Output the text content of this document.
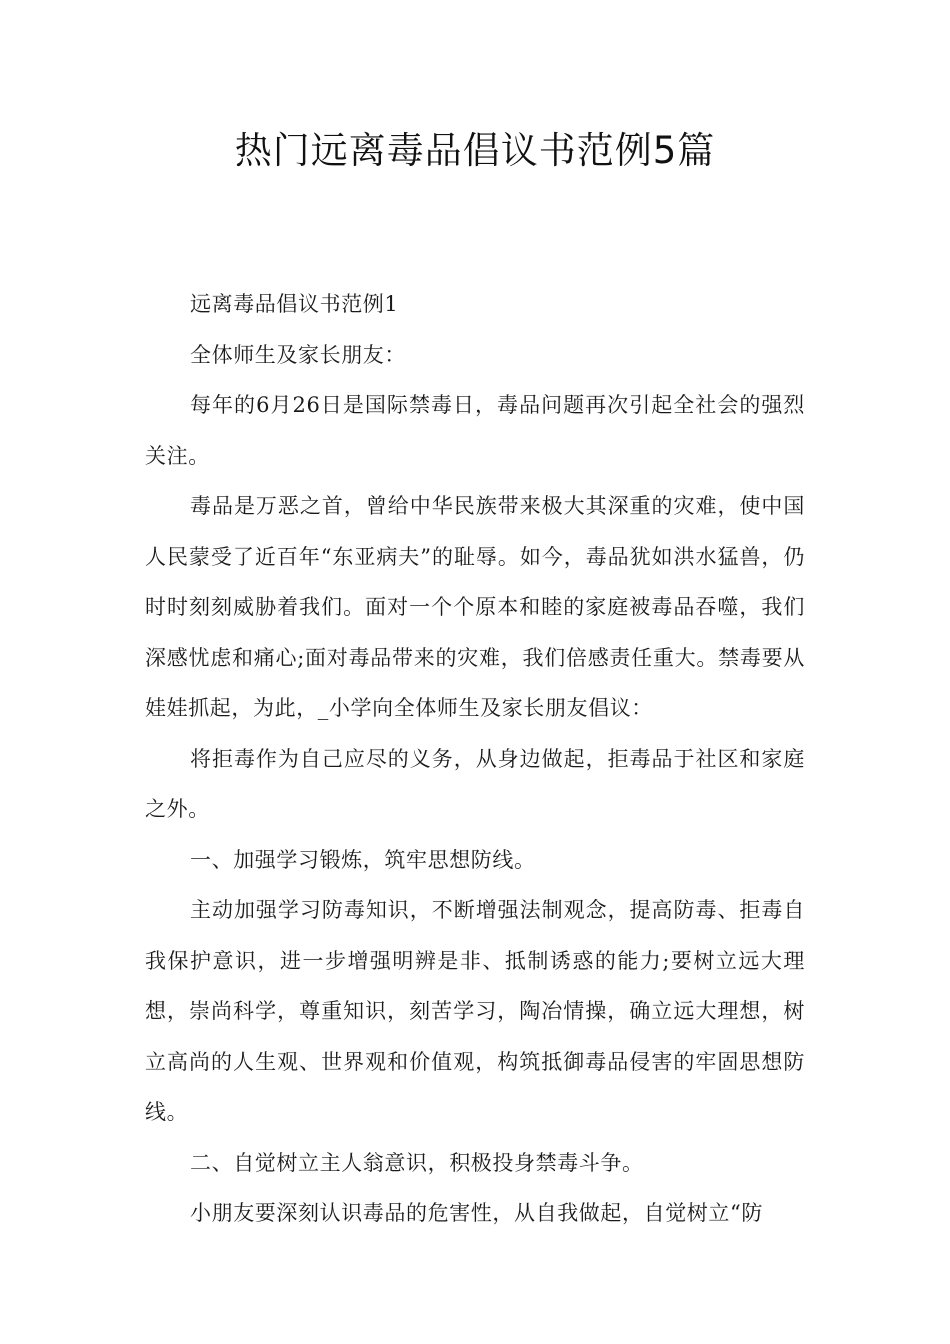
热门远离毒品倡议书范例5篇

远离毒品倡议书范例1

全体师生及家长朋友：

每年的6月26日是国际禁毒日，毒品问题再次引起全社会的强烈关注。

毒品是万恶之首，曾给中华民族带来极大其深重的灾难，使中国人民蒙受了近百年“东亚病夫”的耻辱。如今，毒品犹如洪水猛兽，仍时时刻刻威胁着我们。面对一个个原本和睦的家庭被毒品吞噬，我们深感忧虑和痛心;面对毒品带来的灾难，我们倍感责任重大。禁毒要从娃娃抓起，为此，_小学向全体师生及家长朋友倡议：

将拒毒作为自己应尽的义务，从身边做起，拒毒品于社区和家庭之外。

一、加强学习锻炼，筑牢思想防线。

主动加强学习防毒知识，不断增强法制观念，提高防毒、拒毒自我保护意识，进一步增强明辨是非、抵制诱惑的能力;要树立远大理想，崇尚科学，尊重知识，刻苦学习，陶冶情操，确立远大理想，树立高尚的人生观、世界观和价值观，构筑抵御毒品侵害的牢固思想防线。

二、自觉树立主人翁意识，积极投身禁毒斗争。

小朋友要深刻认识毒品的危害性，从自我做起，自觉树立“防
